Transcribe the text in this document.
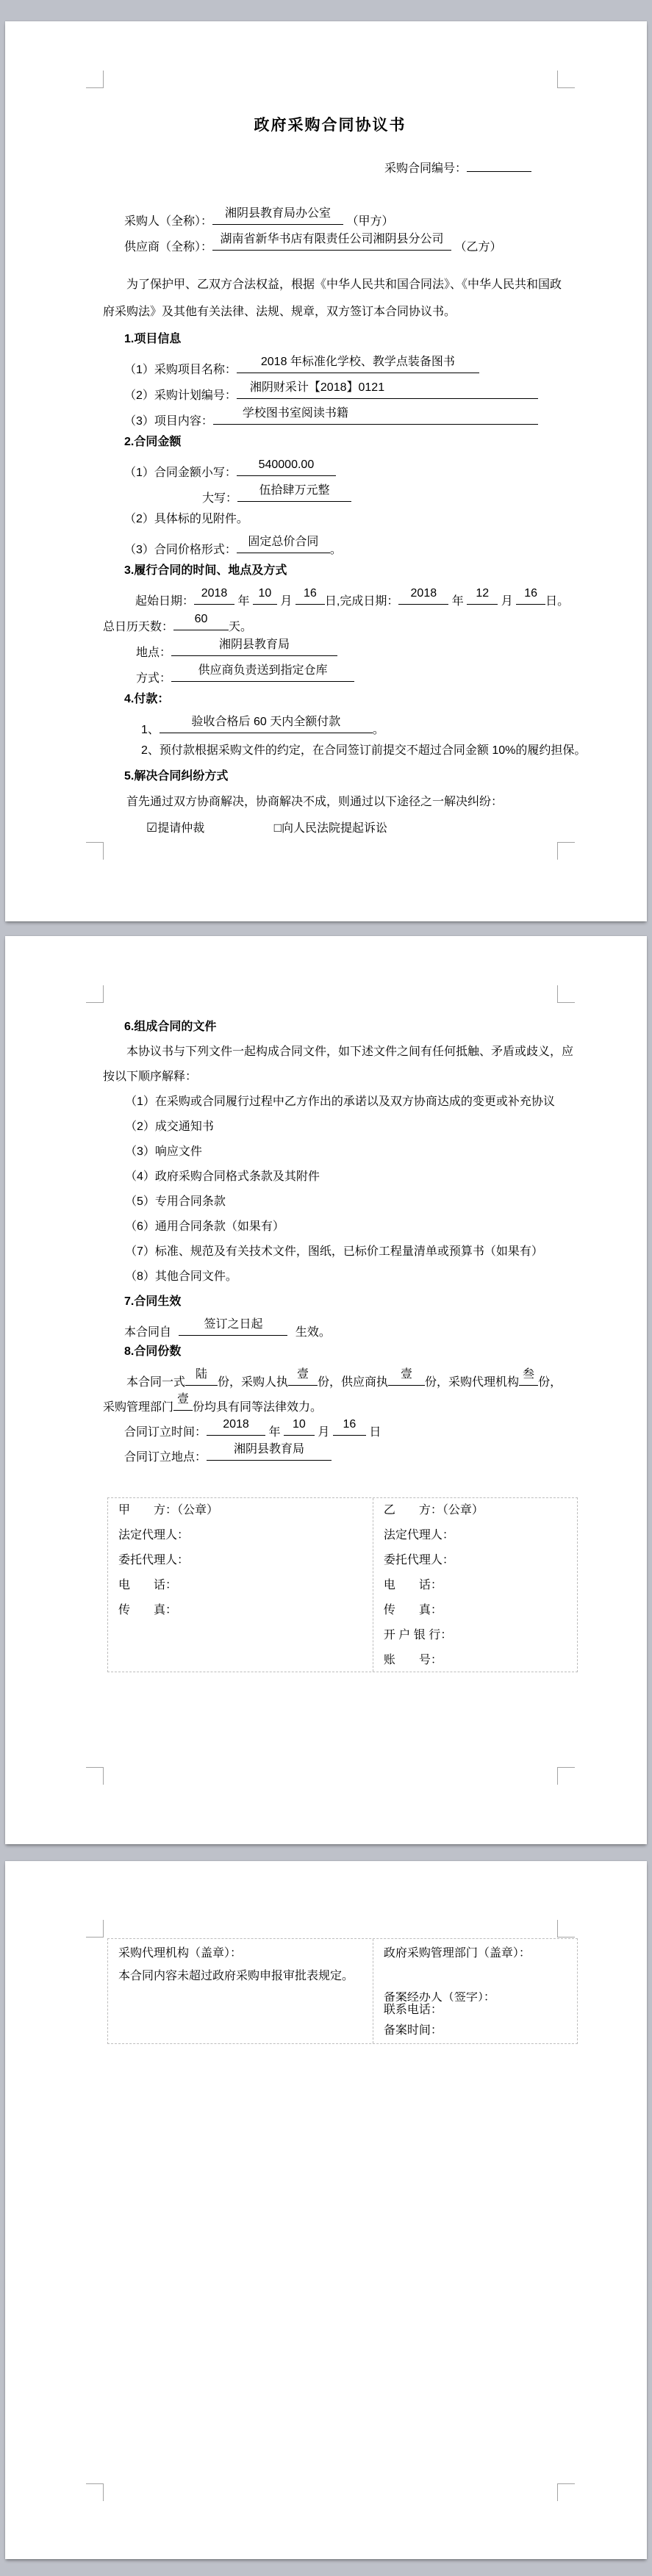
政府采购合同协议书
采购合同编号：
采购人（全称）：湘阴县教育局办公室 （甲方）
供应商（全称）：湖南省新华书店有限责任公司湘阴县分公司 （乙方）
为了保护甲、乙双方合法权益，根据《中华人民共和国合同法》、《中华人民共和国政
府采购法》及其他有关法律、法规、规章，双方签订本合同协议书。
1.项目信息
（1）采购项目名称：2018 年标准化学校、教学点装备图书
（2）采购计划编号：湘阴财采计【2018】0121
（3）项目内容：学校图书室阅读书籍
2.合同金额
（1）合同金额小写：540000.00
大写：伍拾肆万元整
（2）具体标的见附件。
（3）合同价格形式：固定总价合同。
3.履行合同的时间、地点及方式
起始日期：2018 年 10 月 16日,完成日期：2018 年 12 月 16日。
总日历天数：60天。
地点：湘阴县教育局
方式：供应商负责送到指定仓库
4.付款：
1、验收合格后 60 天内全额付款。
2、预付款根据采购文件的约定，在合同签订前提交不超过合同金额 10%的履约担保。
5.解决合同纠纷方式
首先通过双方协商解决，协商解决不成，则通过以下途径之一解决纠纷：
☑提请仲裁	□向人民法院提起诉讼
6.组成合同的文件
本协议书与下列文件一起构成合同文件，如下述文件之间有任何抵触、矛盾或歧义，应
按以下顺序解释：
（1）在采购或合同履行过程中乙方作出的承诺以及双方协商达成的变更或补充协议
（2）成交通知书
（3）响应文件
（4）政府采购合同格式条款及其附件
（5）专用合同条款
（6）通用合同条款（如果有）
（7）标准、规范及有关技术文件，图纸，已标价工程量清单或预算书（如果有）
（8）其他合同文件。
7.合同生效
本合同自 签订之日起 生效。
8.合同份数
本合同一式陆份，采购人执壹份，供应商执壹份，采购代理机构叁份，
采购管理部门壹份均具有同等法律效力。
合同订立时间：2018 年 10 月 16 日
合同订立地点：湘阴县教育局
甲　　方：（公章）
法定代理人：
委托代理人：
电　　话：
传　　真：
乙　　方：（公章）
法定代理人：
委托代理人：
电　　话：
传　　真：
开 户 银 行：
账　　号：
采购代理机构（盖章）：
本合同内容未超过政府采购申报审批表规定。
政府采购管理部门（盖章）：
备案经办人（签字）：
联系电话：
备案时间：
